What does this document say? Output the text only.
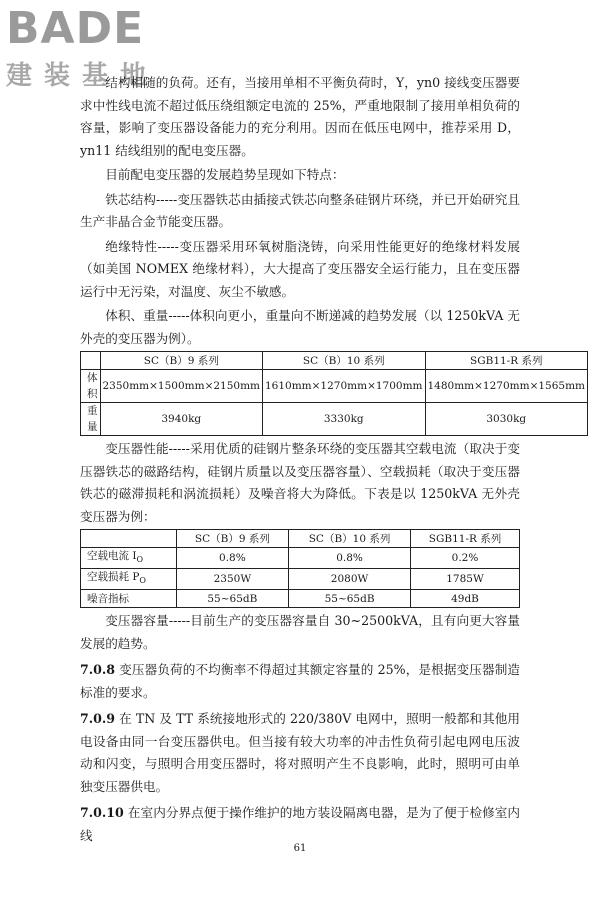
BADE
建装基地

结构相随的负荷。还有，当接用单相不平衡负荷时，Y，yn0 接线变压器要求中性线电流不超过低压绕组额定电流的 25%，严重地限制了接用单相负荷的容量，影响了变压器设备能力的充分利用。因而在低压电网中，推荐采用 D，yn11 结线组别的配电变压器。

目前配电变压器的发展趋势呈现如下特点：

铁芯结构-----变压器铁芯由插接式铁芯向整条硅钢片环绕，并已开始研究且生产非晶合金节能变压器。

绝缘特性-----变压器采用环氧树脂浇铸，向采用性能更好的绝缘材料发展（如美国 NOMEX 绝缘材料），大大提高了变压器安全运行能力，且在变压器运行中无污染，对温度、灰尘不敏感。

体积、重量-----体积向更小，重量向不断递减的趋势发展（以 1250kVA 无外壳的变压器为例）。

	SC（B）9 系列	SC（B）10 系列	SGB11-R 系列
体积	2350mm×1500mm×2150mm	1610mm×1270mm×1700mm	1480mm×1270mm×1565mm
重量	3940kg	3330kg	3030kg

变压器性能-----采用优质的硅钢片整条环绕的变压器其空载电流（取决于变压器铁芯的磁路结构，硅钢片质量以及变压器容量）、空载损耗（取决于变压器铁芯的磁滞损耗和涡流损耗）及噪音将大为降低。下表是以 1250kVA 无外壳变压器为例：

	SC（B）9 系列	SC（B）10 系列	SGB11-R 系列
空载电流 $I_O$	0.8%	0.8%	0.2%
空载损耗 $P_O$	2350W	2080W	1785W
噪音指标	55~65dB	55~65dB	49dB

变压器容量-----目前生产的变压器容量自 30~2500kVA，且有向更大容量发展的趋势。

7.0.8 变压器负荷的不均衡率不得超过其额定容量的 25%，是根据变压器制造标准的要求。

7.0.9 在 TN 及 TT 系统接地形式的 220/380V 电网中，照明一般都和其他用电设备由同一台变压器供电。但当接有较大功率的冲击性负荷引起电网电压波动和闪变，与照明合用变压器时，将对照明产生不良影响，此时，照明可由单独变压器供电。

7.0.10 在室内分界点便于操作维护的地方装设隔离电器，是为了便于检修室内线

61
